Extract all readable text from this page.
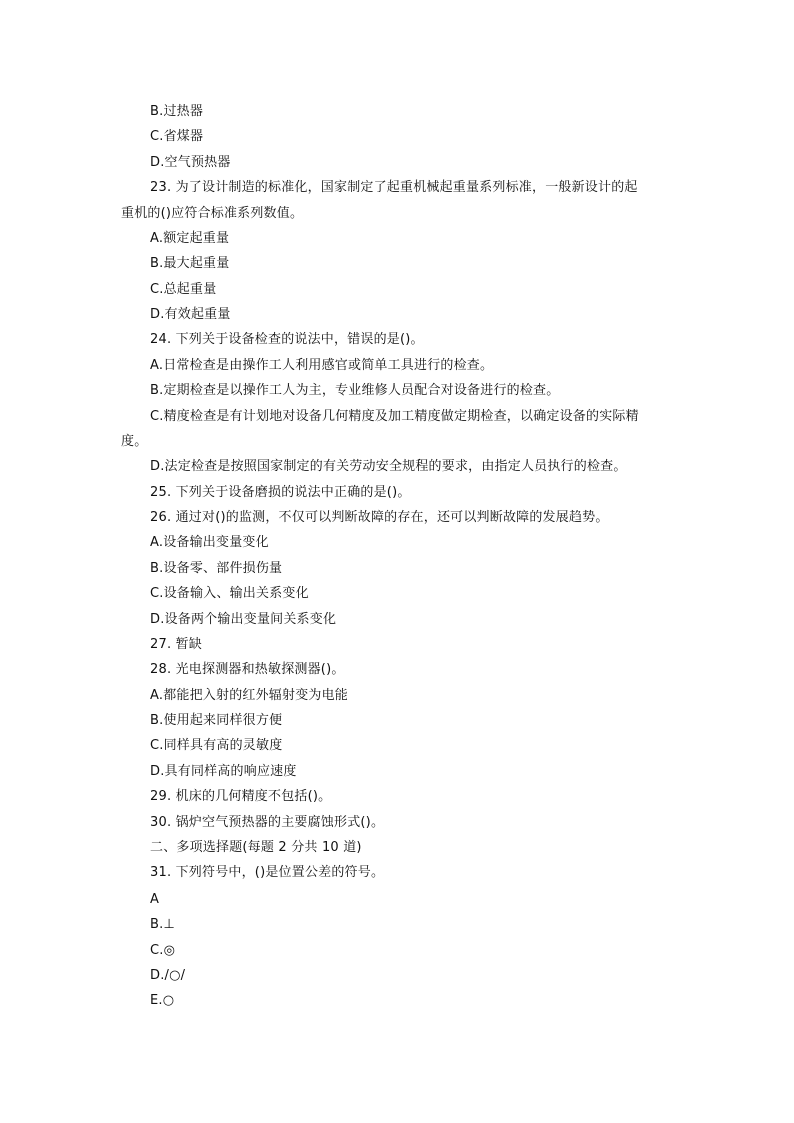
B.过热器
C.省煤器
D.空气预热器
23. 为了设计制造的标准化，国家制定了起重机械起重量系列标准，一般新设计的起
重机的()应符合标准系列数值。
A.额定起重量
B.最大起重量
C.总起重量
D.有效起重量
24. 下列关于设备检查的说法中，错误的是()。
A.日常检查是由操作工人利用感官或简单工具进行的检查。
B.定期检查是以操作工人为主，专业维修人员配合对设备进行的检查。
C.精度检查是有计划地对设备几何精度及加工精度做定期检查，以确定设备的实际精
度。
D.法定检查是按照国家制定的有关劳动安全规程的要求，由指定人员执行的检查。
25. 下列关于设备磨损的说法中正确的是()。
26. 通过对()的监测，不仅可以判断故障的存在，还可以判断故障的发展趋势。
A.设备输出变量变化
B.设备零、部件损伤量
C.设备输入、输出关系变化
D.设备两个输出变量间关系变化
27. 暂缺
28. 光电探测器和热敏探测器()。
A.都能把入射的红外辐射变为电能
B.使用起来同样很方便
C.同样具有高的灵敏度
D.具有同样高的响应速度
29. 机床的几何精度不包括()。
30. 锅炉空气预热器的主要腐蚀形式()。
二、多项选择题(每题 2 分共 10 道)
31. 下列符号中，()是位置公差的符号。
A
B.⊥
C.◎
D./○/
E.○
